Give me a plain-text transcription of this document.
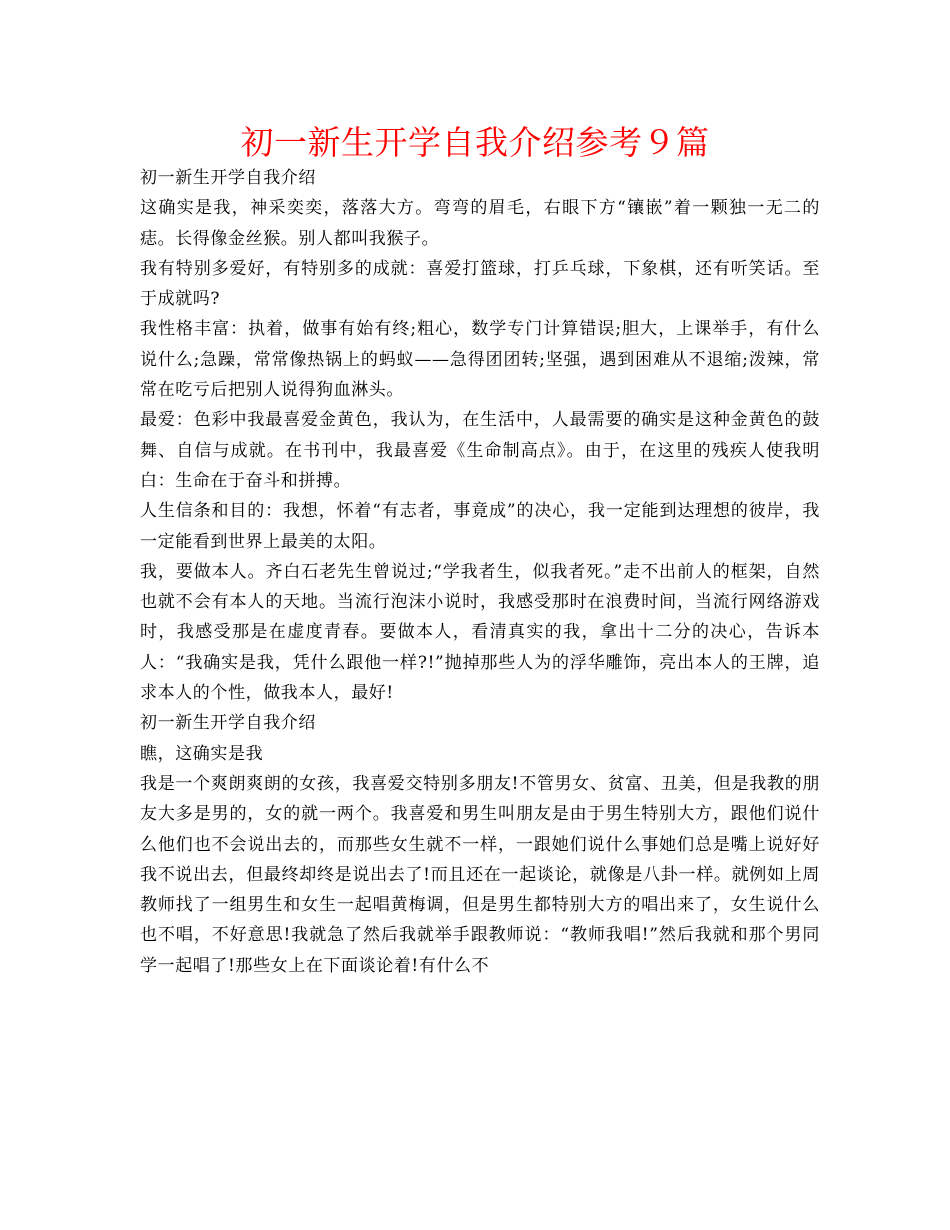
初一新生开学自我介绍参考９篇

初一新生开学自我介绍

这确实是我，神采奕奕，落落大方。弯弯的眉毛，右眼下方“镶嵌”着一颗独一无二的痣。长得像金丝猴。别人都叫我猴子。

我有特别多爱好，有特别多的成就：喜爱打篮球，打乒乓球，下象棋，还有听笑话。至于成就吗?

我性格丰富：执着，做事有始有终;粗心，数学专门计算错误;胆大，上课举手，有什么说什么;急躁，常常像热锅上的蚂蚁——急得团团转;坚强，遇到困难从不退缩;泼辣，常常在吃亏后把别人说得狗血淋头。

最爱：色彩中我最喜爱金黄色，我认为，在生活中，人最需要的确实是这种金黄色的鼓舞、自信与成就。在书刊中，我最喜爱《生命制高点》。由于，在这里的残疾人使我明白：生命在于奋斗和拼搏。

人生信条和目的：我想，怀着“有志者，事竟成”的决心，我一定能到达理想的彼岸，我一定能看到世界上最美的太阳。

我，要做本人。齐白石老先生曾说过;“学我者生，似我者死。”走不出前人的框架，自然也就不会有本人的天地。当流行泡沫小说时，我感受那时在浪费时间，当流行网络游戏时，我感受那是在虚度青春。要做本人，看清真实的我，拿出十二分的决心，告诉本人：“我确实是我，凭什么跟他一样?!”抛掉那些人为的浮华雕饰，亮出本人的王牌，追求本人的个性，做我本人，最好!

初一新生开学自我介绍

瞧，这确实是我

我是一个爽朗爽朗的女孩，我喜爱交特别多朋友!不管男女、贫富、丑美，但是我教的朋友大多是男的，女的就一两个。我喜爱和男生叫朋友是由于男生特别大方，跟他们说什么他们也不会说出去的，而那些女生就不一样，一跟她们说什么事她们总是嘴上说好好我不说出去，但最终却终是说出去了!而且还在一起谈论，就像是八卦一样。就例如上周教师找了一组男生和女生一起唱黄梅调，但是男生都特别大方的唱出来了，女生说什么也不唱，不好意思!我就急了然后我就举手跟教师说：“教师我唱!”然后我就和那个男同学一起唱了!那些女上在下面谈论着!有什么不
